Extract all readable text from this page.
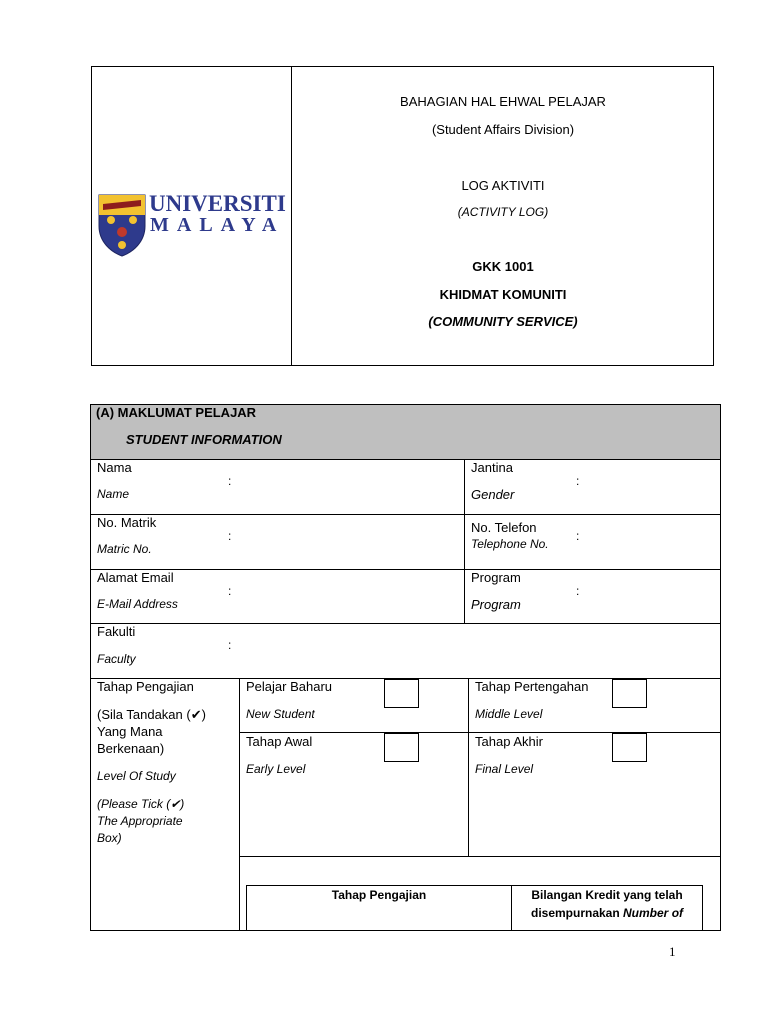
UNIVERSITI
MALAYA
BAHAGIAN HAL EHWAL PELAJAR
(Student Affairs Division)
LOG AKTIVITI
(ACTIVITY LOG)
GKK 1001
KHIDMAT KOMUNITI
(COMMUNITY SERVICE)
(A) MAKLUMAT PELAJAR
STUDENT INFORMATION
Nama
Name
:
Jantina
Gender
:
No. Matrik
Matric No.
:
No. Telefon
Telephone No.
:
Alamat Email
E-Mail Address
:
Program
Program
:
Fakulti
Faculty
:
Tahap Pengajian
(Sila Tandakan (✔)
Yang Mana
Berkenaan)
Level Of Study
(Please Tick (✔)
The Appropriate
Box)
Pelajar Baharu
New Student
Tahap Pertengahan
Middle Level
Tahap Awal
Early Level
Tahap Akhir
Final Level
Tahap Pengajian	Bilangan Kredit yang telah
disempurnakan Number of
1
